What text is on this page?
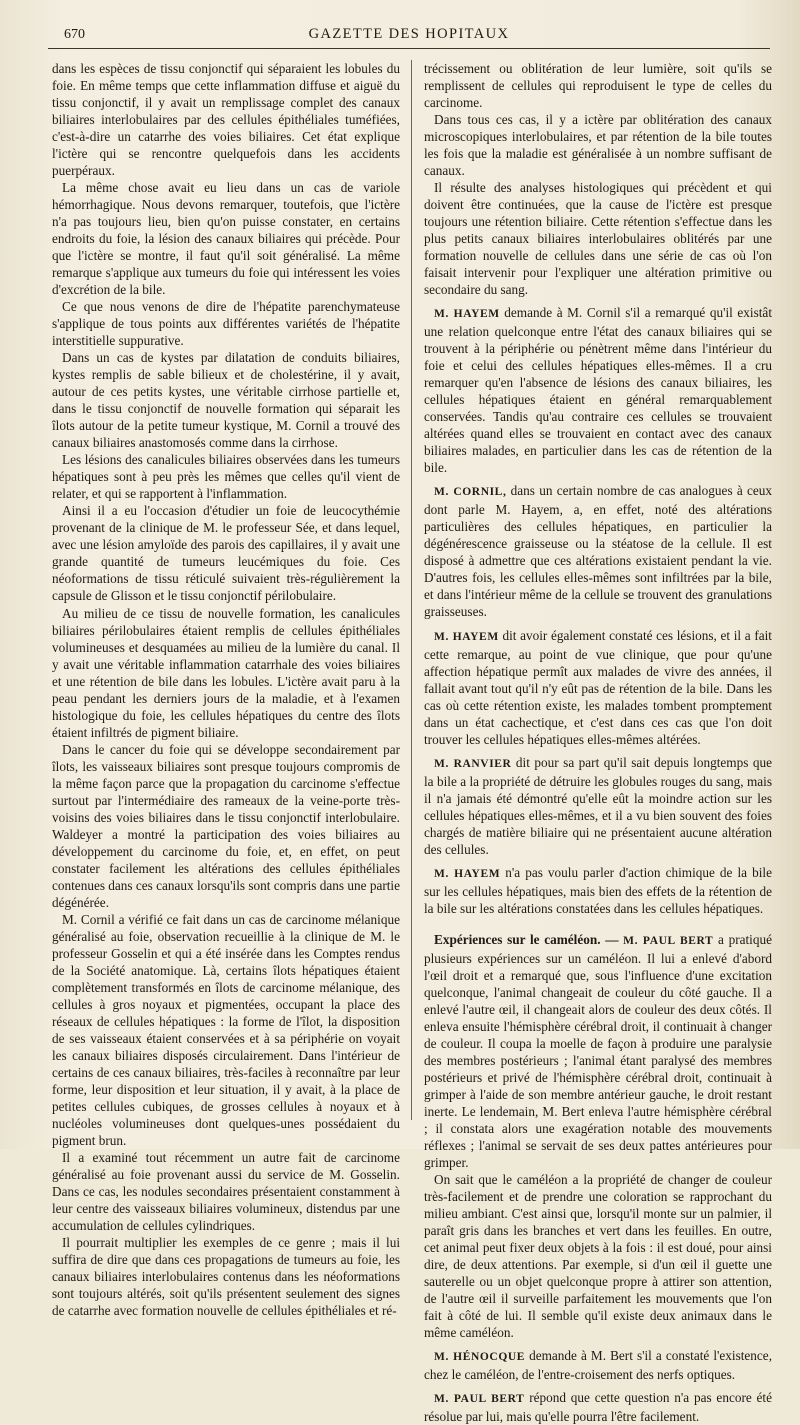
670	GAZETTE DES HOPITAUX

dans les espèces de tissu conjonctif qui séparaient les lobules du foie. En même temps que cette inflammation diffuse et aiguë du tissu conjonctif, il y avait un remplissage complet des canaux biliaires interlobulaires par des cellules épithéliales tuméfiées, c'est-à-dire un catarrhe des voies biliaires. Cet état explique l'ictère qui se rencontre quelquefois dans les accidents puerpéraux.

La même chose avait eu lieu dans un cas de variole hémorrhagique. Nous devons remarquer, toutefois, que l'ictère n'a pas toujours lieu, bien qu'on puisse constater, en certains endroits du foie, la lésion des canaux biliaires qui précède. Pour que l'ictère se montre, il faut qu'il soit généralisé. La même remarque s'applique aux tumeurs du foie qui intéressent les voies d'excrétion de la bile.

Ce que nous venons de dire de l'hépatite parenchymateuse s'applique de tous points aux différentes variétés de l'hépatite interstitielle suppurative.

Dans un cas de kystes par dilatation de conduits biliaires, kystes remplis de sable bilieux et de cholestérine, il y avait, autour de ces petits kystes, une véritable cirrhose partielle et, dans le tissu conjonctif de nouvelle formation qui séparait les îlots autour de la petite tumeur kystique, M. Cornil a trouvé des canaux biliaires anastomosés comme dans la cirrhose.

Les lésions des canalicules biliaires observées dans les tumeurs hépatiques sont à peu près les mêmes que celles qu'il vient de relater, et qui se rapportent à l'inflammation.

Ainsi il a eu l'occasion d'étudier un foie de leucocythémie provenant de la clinique de M. le professeur Sée, et dans lequel, avec une lésion amyloïde des parois des capillaires, il y avait une grande quantité de tumeurs leucémiques du foie. Ces néoformations de tissu réticulé suivaient très-régulièrement la capsule de Glisson et le tissu conjonctif périlobulaire.

Au milieu de ce tissu de nouvelle formation, les canalicules biliaires périlobulaires étaient remplis de cellules épithéliales volumineuses et desquamées au milieu de la lumière du canal. Il y avait une véritable inflammation catarrhale des voies biliaires et une rétention de bile dans les lobules. L'ictère avait paru à la peau pendant les derniers jours de la maladie, et à l'examen histologique du foie, les cellules hépatiques du centre des îlots étaient infiltrés de pigment biliaire.

Dans le cancer du foie qui se développe secondairement par îlots, les vaisseaux biliaires sont presque toujours compromis de la même façon parce que la propagation du carcinome s'effectue surtout par l'intermédiaire des rameaux de la veine-porte très-voisins des voies biliaires dans le tissu conjonctif interlobulaire. Waldeyer a montré la participation des voies biliaires au développement du carcinome du foie, et, en effet, on peut constater facilement les altérations des cellules épithéliales contenues dans ces canaux lorsqu'ils sont compris dans une partie dégénérée.

M. Cornil a vérifié ce fait dans un cas de carcinome mélanique généralisé au foie, observation recueillie à la clinique de M. le professeur Gosselin et qui a été insérée dans les Comptes rendus de la Société anatomique. Là, certains îlots hépatiques étaient complètement transformés en îlots de carcinome mélanique, des cellules à gros noyaux et pigmentées, occupant la place des réseaux de cellules hépatiques : la forme de l'îlot, la disposition de ses vaisseaux étaient conservées et à sa périphérie on voyait les canaux biliaires disposés circulairement. Dans l'intérieur de certains de ces canaux biliaires, très-faciles à reconnaître par leur forme, leur disposition et leur situation, il y avait, à la place de petites cellules cubiques, de grosses cellules à noyaux et à nucléoles volumineuses dont quelques-unes possédaient du pigment brun.

Il a examiné tout récemment un autre fait de carcinome généralisé au foie provenant aussi du service de M. Gosselin. Dans ce cas, les nodules secondaires présentaient constamment à leur centre des vaisseaux biliaires volumineux, distendus par une accumulation de cellules cylindriques.

Il pourrait multiplier les exemples de ce genre ; mais il lui suffira de dire que dans ces propagations de tumeurs au foie, les canaux biliaires interlobulaires contenus dans les néoformations sont toujours altérés, soit qu'ils présentent seulement des signes de catarrhe avec formation nouvelle de cellules épithéliales et ré-

trécissement ou oblitération de leur lumière, soit qu'ils se remplissent de cellules qui reproduisent le type de celles du carcinome.

Dans tous ces cas, il y a ictère par oblitération des canaux microscopiques interlobulaires, et par rétention de la bile toutes les fois que la maladie est généralisée à un nombre suffisant de canaux.

Il résulte des analyses histologiques qui précèdent et qui doivent être continuées, que la cause de l'ictère est presque toujours une rétention biliaire. Cette rétention s'effectue dans les plus petits canaux biliaires interlobulaires oblitérés par une formation nouvelle de cellules dans une série de cas où l'on faisait intervenir pour l'expliquer une altération primitive ou secondaire du sang.

M. HAYEM demande à M. Cornil s'il a remarqué qu'il existât une relation quelconque entre l'état des canaux biliaires qui se trouvent à la périphérie ou pénètrent même dans l'intérieur du foie et celui des cellules hépatiques elles-mêmes. Il a cru remarquer qu'en l'absence de lésions des canaux biliaires, les cellules hépatiques étaient en général remarquablement conservées. Tandis qu'au contraire ces cellules se trouvaient altérées quand elles se trouvaient en contact avec des canaux biliaires malades, en particulier dans les cas de rétention de la bile.

M. CORNIL, dans un certain nombre de cas analogues à ceux dont parle M. Hayem, a, en effet, noté des altérations particulières des cellules hépatiques, en particulier la dégénérescence graisseuse ou la stéatose de la cellule. Il est disposé à admettre que ces altérations existaient pendant la vie. D'autres fois, les cellules elles-mêmes sont infiltrées par la bile, et dans l'intérieur même de la cellule se trouvent des granulations graisseuses.

M. HAYEM dit avoir également constaté ces lésions, et il a fait cette remarque, au point de vue clinique, que pour qu'une affection hépatique permît aux malades de vivre des années, il fallait avant tout qu'il n'y eût pas de rétention de la bile. Dans les cas où cette rétention existe, les malades tombent promptement dans un état cachectique, et c'est dans ces cas que l'on doit trouver les cellules hépatiques elles-mêmes altérées.

M. RANVIER dit pour sa part qu'il sait depuis longtemps que la bile a la propriété de détruire les globules rouges du sang, mais il n'a jamais été démontré qu'elle eût la moindre action sur les cellules hépatiques elles-mêmes, et il a vu bien souvent des foies chargés de matière biliaire qui ne présentaient aucune altération des cellules.

M. HAYEM n'a pas voulu parler d'action chimique de la bile sur les cellules hépatiques, mais bien des effets de la rétention de la bile sur les altérations constatées dans les cellules hépatiques.

Expériences sur le caméléon. — M. PAUL BERT a pratiqué plusieurs expériences sur un caméléon. Il lui a enlevé d'abord l'œil droit et a remarqué que, sous l'influence d'une excitation quelconque, l'animal changeait de couleur du côté gauche. Il a enlevé l'autre œil, il changeait alors de couleur des deux côtés. Il enleva ensuite l'hémisphère cérébral droit, il continuait à changer de couleur. Il coupa la moelle de façon à produire une paralysie des membres postérieurs ; l'animal étant paralysé des membres postérieurs et privé de l'hémisphère cérébral droit, continuait à grimper à l'aide de son membre antérieur gauche, le droit restant inerte. Le lendemain, M. Bert enleva l'autre hémisphère cérébral ; il constata alors une exagération notable des mouvements réflexes ; l'animal se servait de ses deux pattes antérieures pour grimper.

On sait que le caméléon a la propriété de changer de couleur très-facilement et de prendre une coloration se rapprochant du milieu ambiant. C'est ainsi que, lorsqu'il monte sur un palmier, il paraît gris dans les branches et vert dans les feuilles. En outre, cet animal peut fixer deux objets à la fois : il est doué, pour ainsi dire, de deux attentions. Par exemple, si d'un œil il guette une sauterelle ou un objet quelconque propre à attirer son attention, de l'autre œil il surveille parfaitement les mouvements que l'on fait à côté de lui. Il semble qu'il existe deux animaux dans le même caméléon.

M. HÉNOCQUE demande à M. Bert s'il a constaté l'existence, chez le caméléon, de l'entre-croisement des nerfs optiques.

M. PAUL BERT répond que cette question n'a pas encore été résolue par lui, mais qu'elle pourra l'être facilement.
